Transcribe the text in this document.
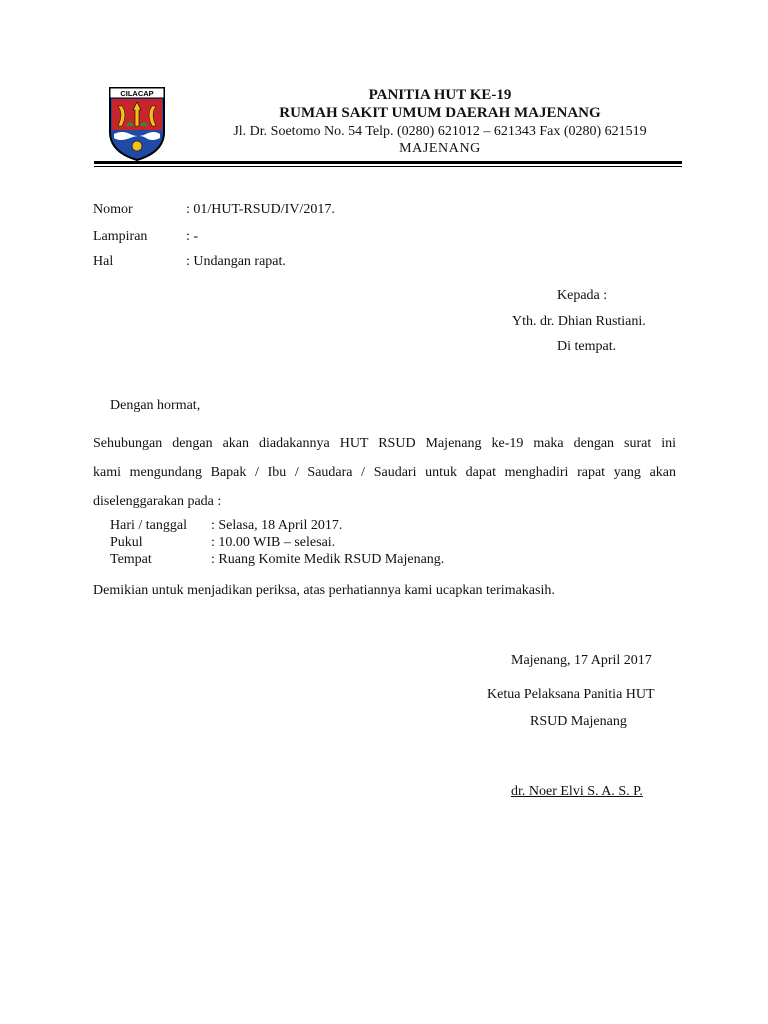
CILACAP	PANITIA HUT KE-19
RUMAH SAKIT UMUM DAERAH MAJENANG
Jl. Dr. Soetomo No. 54 Telp. (0280) 621012 – 621343 Fax (0280) 621519
MAJENANG
Nomor	: 01/HUT-RSUD/IV/2017.
Lampiran	: -
Hal	: Undangan rapat.
Kepada :
Yth. dr. Dhian Rustiani.
Di tempat.
Dengan hormat,

Sehubungan dengan akan diadakannya HUT RSUD Majenang ke-19 maka dengan surat ini
kami mengundang Bapak / Ibu / Saudara / Saudari untuk dapat menghadiri rapat yang akan
diselenggarakan pada :

Hari / tanggal : Selasa, 18 April 2017.
Pukul	: 10.00 WIB – selesai.
Tempat	: Ruang Komite Medik RSUD Majenang.
Demikian untuk menjadikan periksa, atas perhatiannya kami ucapkan terimakasih.
Majenang, 17 April 2017
Ketua Pelaksana Panitia HUT
RSUD Majenang
dr. Noer Elvi S. A. S. P.
